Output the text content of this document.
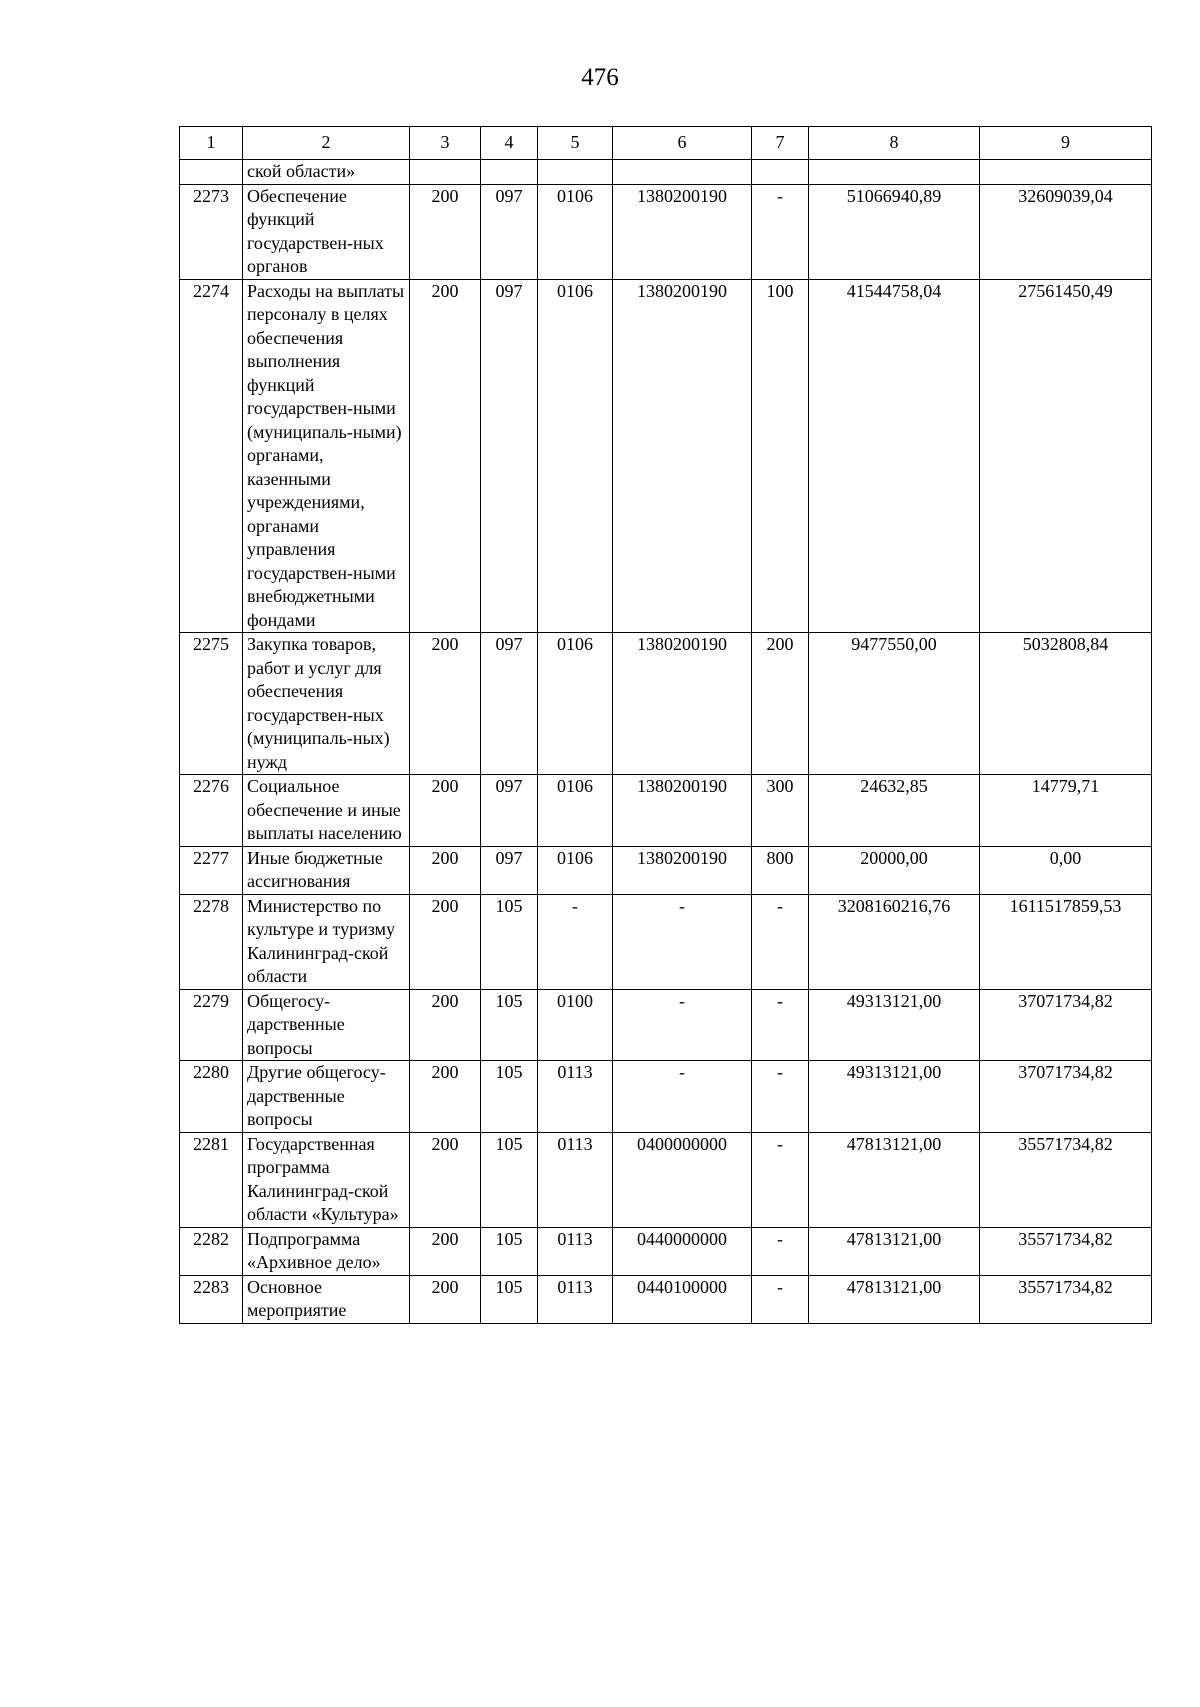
476
1	2	3	4	5	6	7	8	9
	ской области»							
2273	Обеспечение функций государствен-ных органов	200	097	0106	1380200190	-	51066940,89	32609039,04
2274	Расходы на выплаты персоналу в целях обеспечения выполнения функций государствен-ными (муниципаль-ными) органами, казенными учреждениями, органами управления государствен-ными внебюджетными фондами	200	097	0106	1380200190	100	41544758,04	27561450,49
2275	Закупка товаров, работ и услуг для обеспечения государствен-ных (муниципаль-ных) нужд	200	097	0106	1380200190	200	9477550,00	5032808,84
2276	Социальное обеспечение и иные выплаты населению	200	097	0106	1380200190	300	24632,85	14779,71
2277	Иные бюджетные ассигнования	200	097	0106	1380200190	800	20000,00	0,00
2278	Министерство по культуре и туризму Калининград-ской области	200	105	-	-	-	3208160216,76	1611517859,53
2279	Общегосу-дарственные вопросы	200	105	0100	-	-	49313121,00	37071734,82
2280	Другие общегосу-дарственные вопросы	200	105	0113	-	-	49313121,00	37071734,82
2281	Государственная программа Калининград-ской области «Культура»	200	105	0113	0400000000	-	47813121,00	35571734,82
2282	Подпрограмма «Архивное дело»	200	105	0113	0440000000	-	47813121,00	35571734,82
2283	Основное мероприятие	200	105	0113	0440100000	-	47813121,00	35571734,82
